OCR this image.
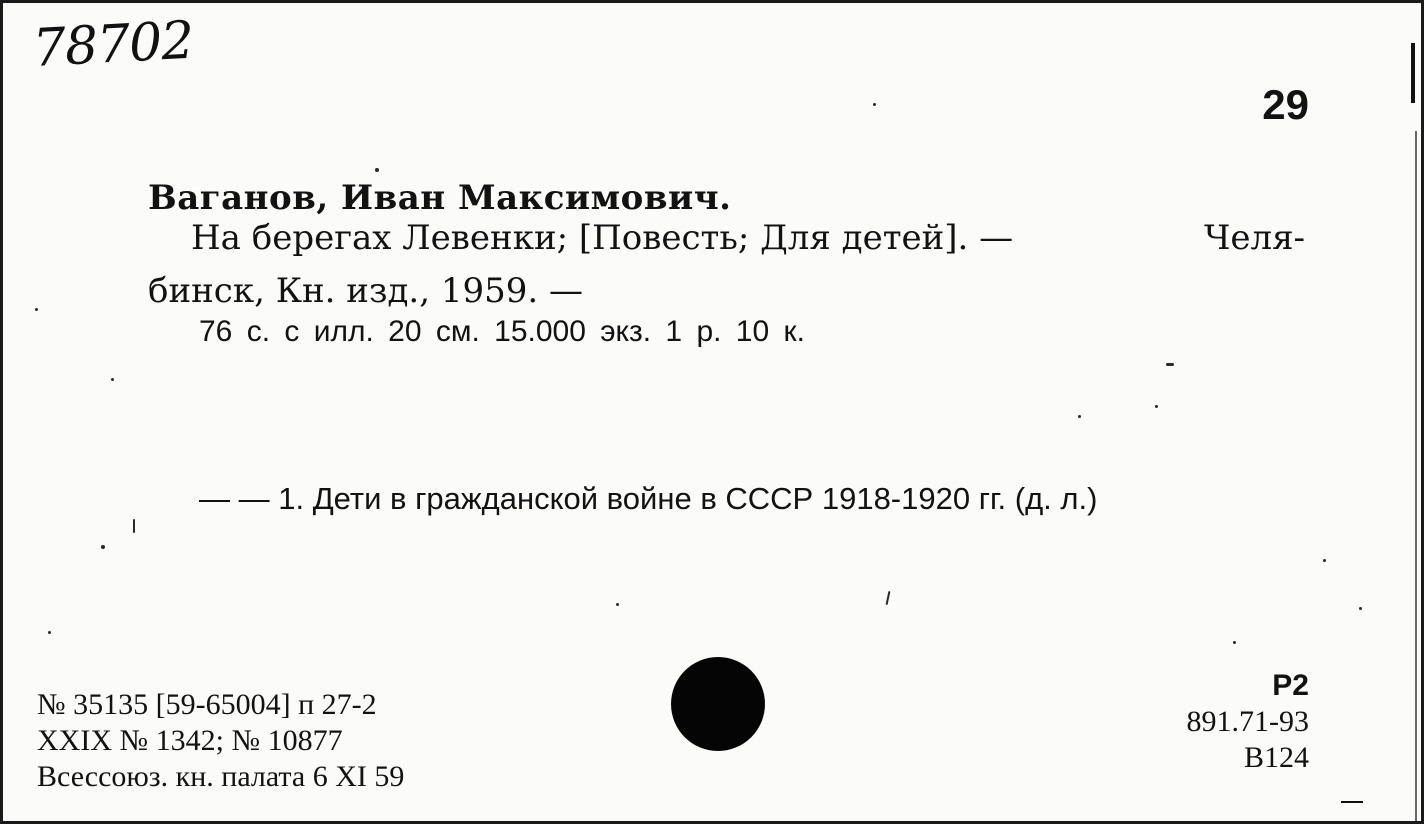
78702
29
Ваганов, Иван Максимович.
На берегах Левенки; [Повесть; Для детей]. —	Челя-
бинск, Кн. изд., 1959. —
76 с. с илл. 20 см. 15.000 экз. 1 р. 10 к.
— — 1. Дети в гражданской войне в СССР 1918-1920 гг. (д. л.)
№ 35135 [59-65004] п 27-2
XXIX № 1342; № 10877
Всессоюз. кн. палата 6 XI 59
Р2
891.71-93
В124
